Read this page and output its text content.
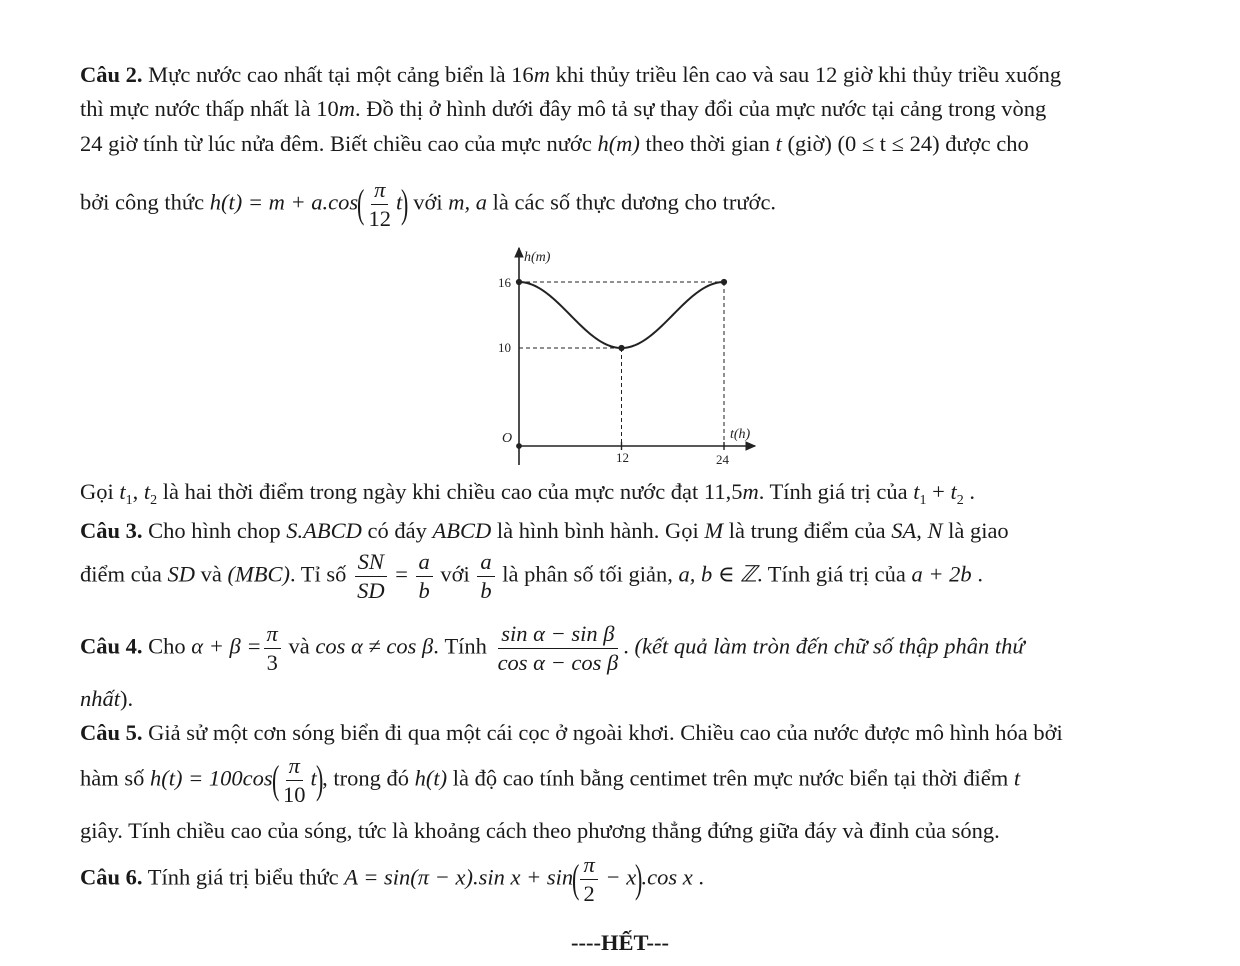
Câu 2. Mực nước cao nhất tại một cảng biển là 16m khi thủy triều lên cao và sau 12 giờ khi thủy triều xuống
thì mực nước thấp nhất là 10m. Đồ thị ở hình dưới đây mô tả sự thay đổi của mực nước tại cảng trong vòng
24 giờ tính từ lúc nửa đêm. Biết chiều cao của mực nước h(m) theo thời gian t (giờ) (0 ≤ t ≤ 24) được cho
bởi công thức $h(t) = m + a.\cos( \frac{\pi}{12} t)$ với m, a là các số thực dương cho trước.
h(m)
t(h)
O
16
10
12	24
Gọi $t_1$, $t_2$ là hai thời điểm trong ngày khi chiều cao của mực nước đạt 11,5m. Tính giá trị của $t_1 + t_2$ .
Câu 3. Cho hình chop S.ABCD có đáy ABCD là hình bình hành. Gọi M là trung điểm của SA, N là giao
điểm của SD và (MBC). Tỉ số $\frac{SN}{SD} = \frac{a}{b}$ với $\frac{a}{b}$ là phân số tối giản, a, b ∈ ℤ. Tính giá trị của a + 2b .
Câu 4. Cho $\alpha + \beta = \frac{\pi}{3}$ và cos α ≠ cos β. Tính $\frac{\text{sin α − sin β}}{\text{cos α − cos β}}$ . (kết quả làm tròn đến chữ số thập phân thứ
nhất).
Câu 5. Giả sử một cơn sóng biển đi qua một cái cọc ở ngoài khơi. Chiều cao của nước được mô hình hóa bởi
hàm số $h(t) = 100\cos( \frac{\pi}{10} t)$, trong đó h(t) là độ cao tính bằng centimet trên mực nước biển tại thời điểm t
giây. Tính chiều cao của sóng, tức là khoảng cách theo phương thẳng đứng giữa đáy và đỉnh của sóng.
Câu 6. Tính giá trị biểu thức A = sin(π − x).sin $x + \sin( \frac{\pi}{2} - x).\cos$ x .
----HẾT---
